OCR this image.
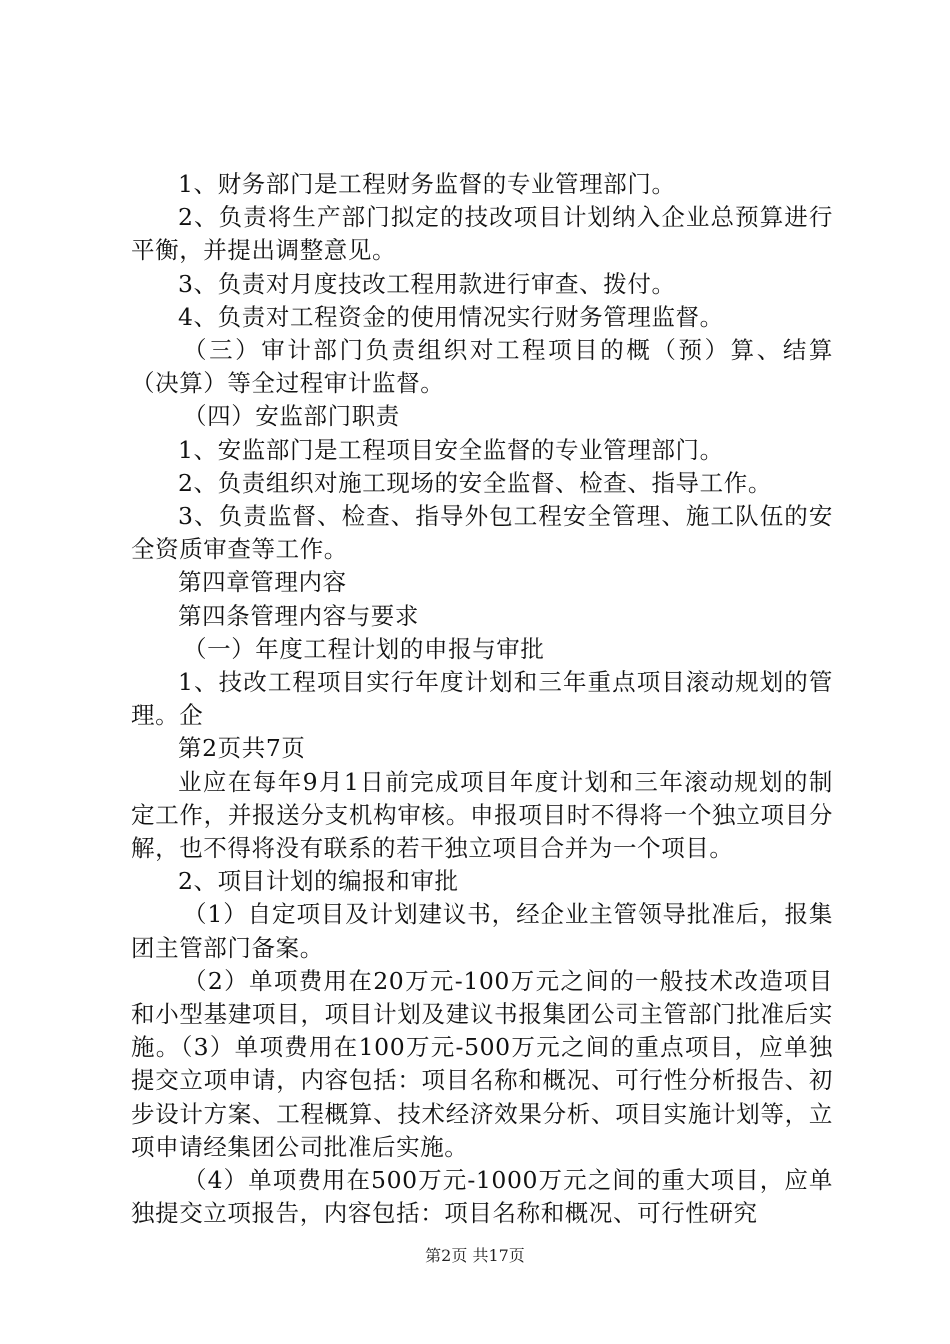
1、财务部门是工程财务监督的专业管理部门。

2、负责将生产部门拟定的技改项目计划纳入企业总预算进行平衡，并提出调整意见。

3、负责对月度技改工程用款进行审查、拨付。

4、负责对工程资金的使用情况实行财务管理监督。

（三）审计部门负责组织对工程项目的概（预）算、结算（决算）等全过程审计监督。

（四）安监部门职责

1、安监部门是工程项目安全监督的专业管理部门。

2、负责组织对施工现场的安全监督、检查、指导工作。

3、负责监督、检查、指导外包工程安全管理、施工队伍的安全资质审查等工作。

第四章管理内容

第四条管理内容与要求

（一）年度工程计划的申报与审批

1、技改工程项目实行年度计划和三年重点项目滚动规划的管理。企

第2页共7页

业应在每年9月1日前完成项目年度计划和三年滚动规划的制定工作，并报送分支机构审核。申报项目时不得将一个独立项目分解，也不得将没有联系的若干独立项目合并为一个项目。

2、项目计划的编报和审批

（1）自定项目及计划建议书，经企业主管领导批准后，报集团主管部门备案。

（2）单项费用在20万元-100万元之间的一般技术改造项目和小型基建项目，项目计划及建议书报集团公司主管部门批准后实施。（3）单项费用在100万元-500万元之间的重点项目，应单独提交立项申请，内容包括：项目名称和概况、可行性分析报告、初步设计方案、工程概算、技术经济效果分析、项目实施计划等，立项申请经集团公司批准后实施。

（4）单项费用在500万元-1000万元之间的重大项目，应单独提交立项报告，内容包括：项目名称和概况、可行性研究

第2页 共17页
